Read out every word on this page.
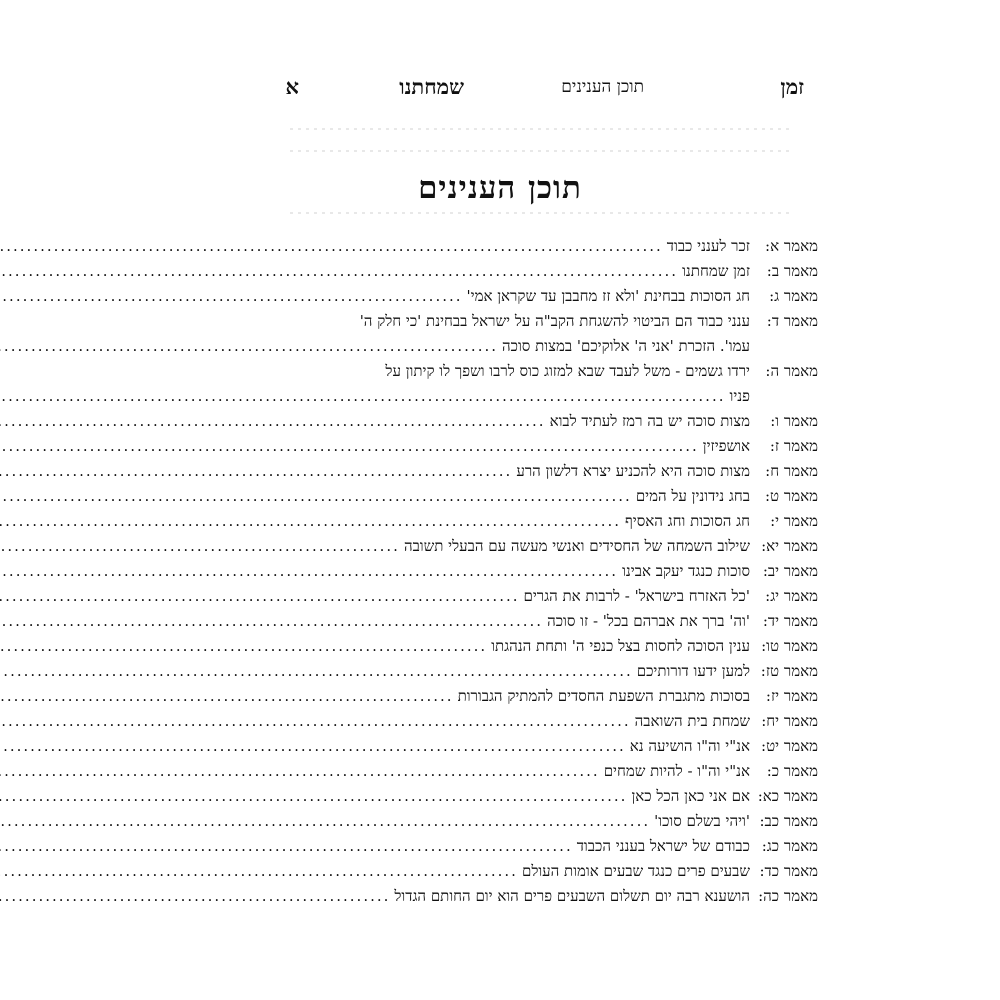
זמן
תוכן הענינים
שמחתנו
א
תוכן הענינים
מאמר א:
זכר לענני כבוד
.....
מאמר ב:
זמן שמחתנו
.....
מאמר ג:
חג הסוכות בבחינת 'ולא זז מחבבן עד שקראן אמי'
.....
מאמר ד:
ענני כבוד הם הביטוי להשגחת הקב"ה על ישראל בבחינת 'כי חלק ה'
עמו'. הזכרת 'אני ה' אלוקיכם' במצות סוכה
.....
מאמר ה:
ירדו גשמים - משל לעבד שבא למזוג כוס לרבו ושפך לו קיתון על
פניו
.....
מאמר ו:
מצות סוכה יש בה רמז לעתיד לבוא
.....
מאמר ז:
אושפיזין
.....
מאמר ח:
מצות סוכה היא להכניע יצרא דלשון הרע
.....
מאמר ט:
בחג נידונין על המים
.....
מאמר י:
חג הסוכות וחג האסיף
.....
מאמר יא:
שילוב השמחה של החסידים ואנשי מעשה עם הבעלי תשובה
.....
מאמר יב:
סוכות כנגד יעקב אבינו
.....
מאמר יג:
'כל האזרח בישראל' - לרבות את הגרים
.....
מאמר יד:
'וה' ברך את אברהם בכל' - זו סוכה
.....
מאמר טו:
ענין הסוכה לחסות בצל כנפי ה' ותחת הנהגתו
.....
מאמר טז:
למען ידעו דורותיכם
.....
מאמר יז:
בסוכות מתגברת השפעת החסדים להמתיק הגבורות
.....
מאמר יח:
שמחת בית השואבה
.....
מאמר יט:
אנ"י וה"ו הושיעה נא
.....
מאמר כ:
אנ"י וה"ו - להיות שמחים
.....
מאמר כא:
אם אני כאן הכל כאן
.....
מאמר כב:
'ויהי בשלם סוכו'
.....
מאמר כג:
כבודם של ישראל בענני הכבוד
.....
מאמר כד:
שבעים פרים כנגד שבעים אומות העולם
.....
מאמר כה:
הושענא רבה יום תשלום השבעים פרים הוא יום החותם הגדול
.....
